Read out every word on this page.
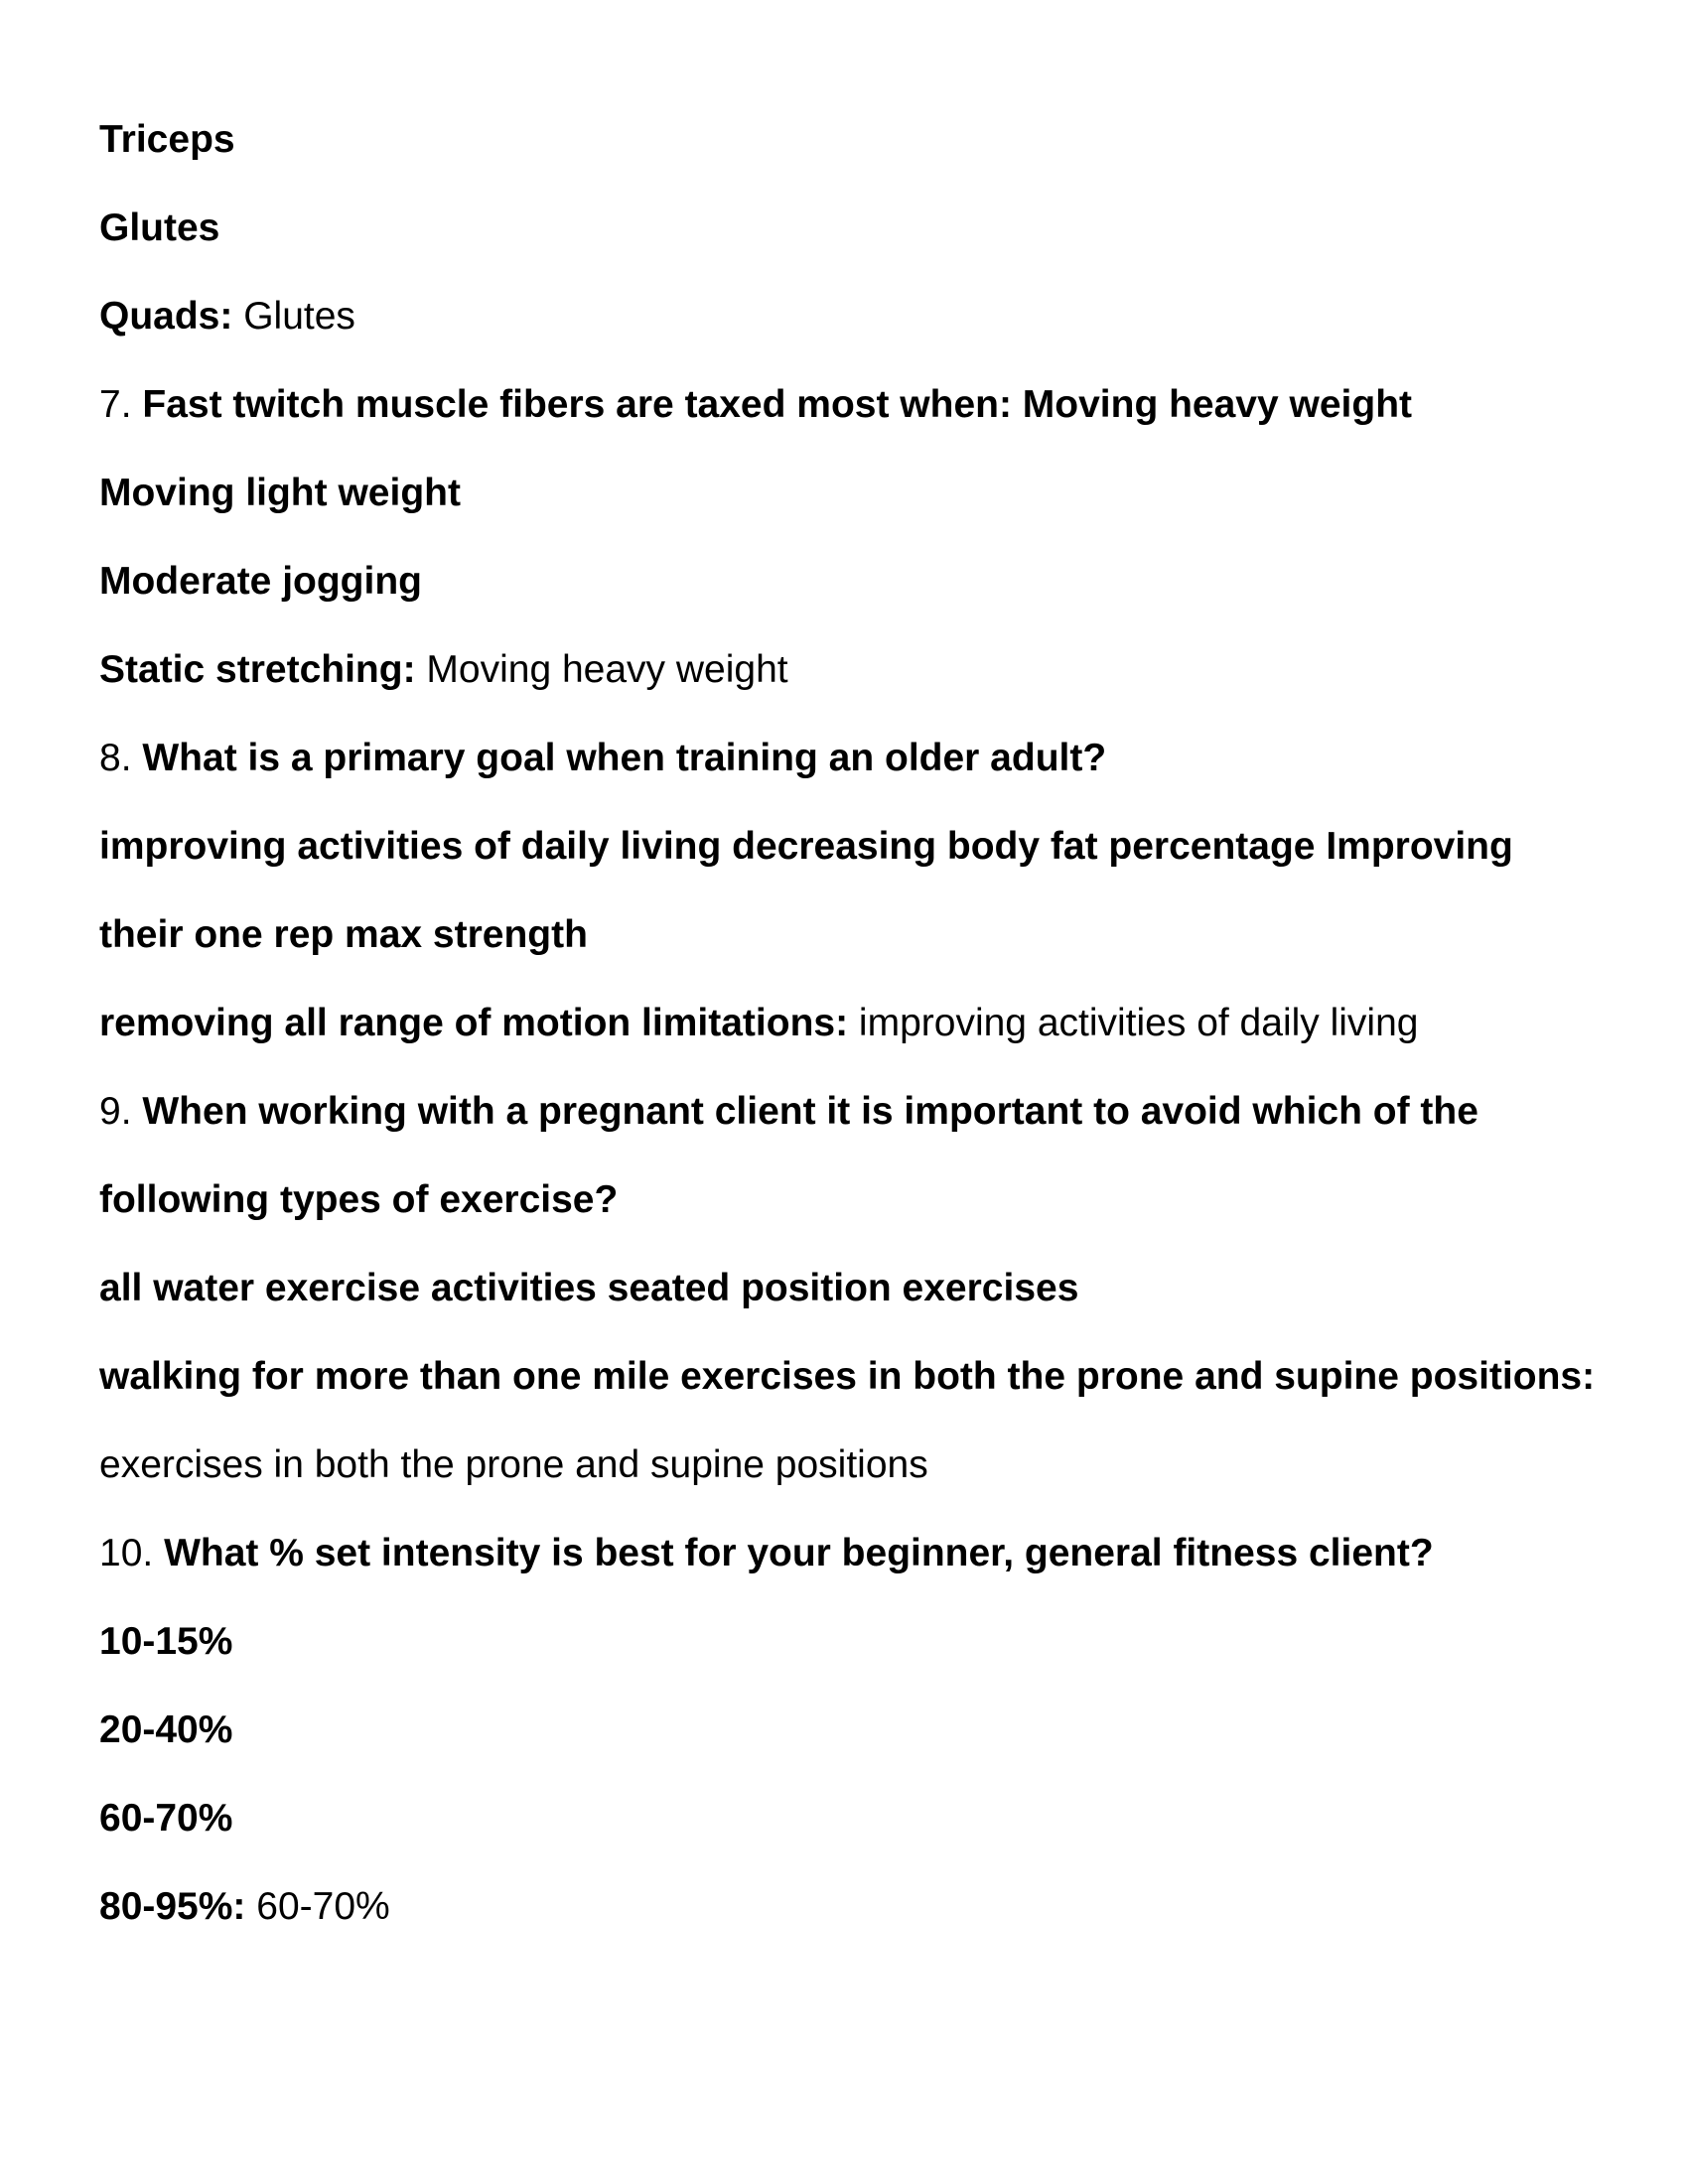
Triceps
Glutes
Quads: Glutes
7. Fast twitch muscle fibers are taxed most when: Moving heavy weight
Moving light weight
Moderate jogging
Static stretching: Moving heavy weight
8. What is a primary goal when training an older adult?
improving activities of daily living decreasing body fat percentage Improving
their one rep max strength
removing all range of motion limitations: improving activities of daily living
9. When working with a pregnant client it is important to avoid which of the
following types of exercise?
all water exercise activities seated position exercises
walking for more than one mile exercises in both the prone and supine positions:
exercises in both the prone and supine positions
10. What % set intensity is best for your beginner, general fitness client?
10-15%
20-40%
60-70%
80-95%: 60-70%
